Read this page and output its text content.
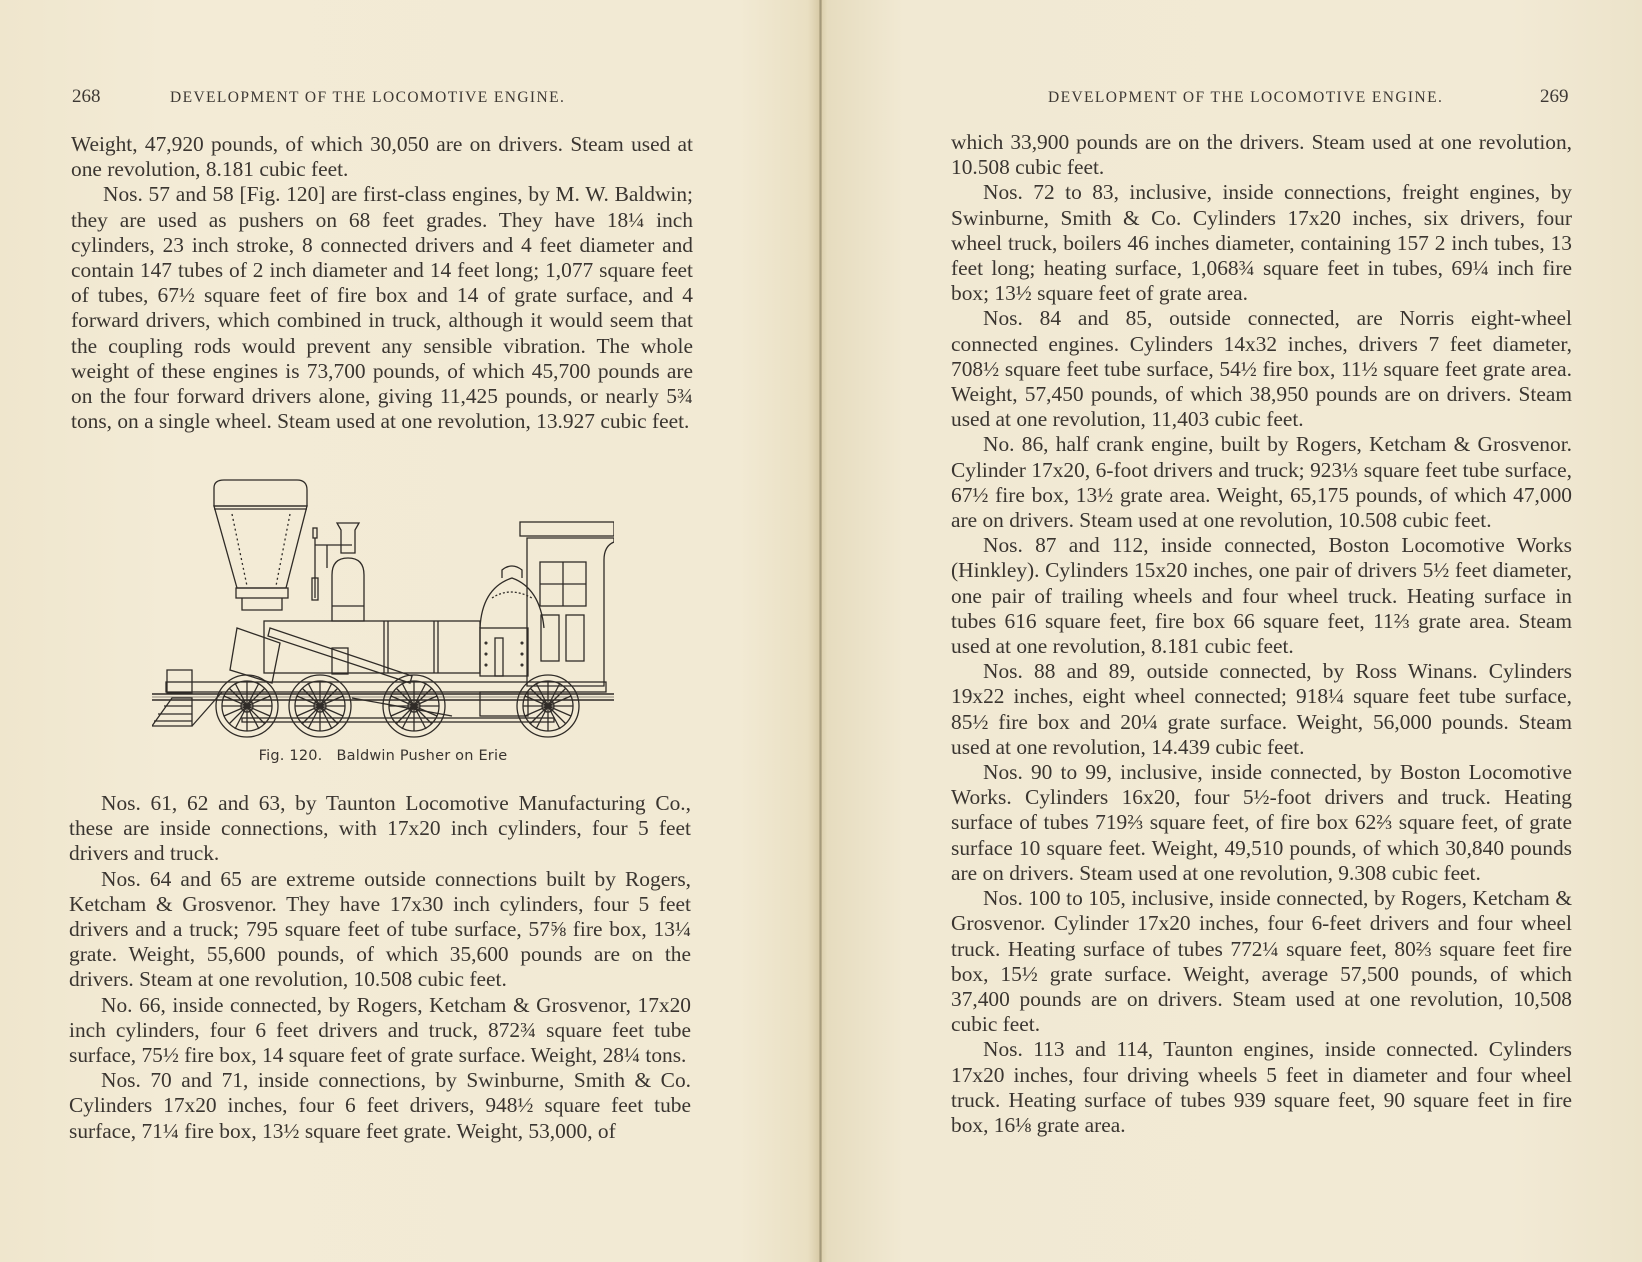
268	DEVELOPMENT OF THE LOCOMOTIVE ENGINE.

Weight, 47,920 pounds, of which 30,050 are on drivers. Steam used at one revolution, 8.181 cubic feet.

Nos. 57 and 58 [Fig. 120] are first-class engines, by M. W. Baldwin; they are used as pushers on 68 feet grades. They have 18¼ inch cylinders, 23 inch stroke, 8 connected drivers and 4 feet diameter and contain 147 tubes of 2 inch diameter and 14 feet long; 1,077 square feet of tubes, 67½ square feet of fire box and 14 of grate surface, and 4 forward drivers, which combined in truck, although it would seem that the coupling rods would prevent any sensible vibration. The whole weight of these engines is 73,700 pounds, of which 45,700 pounds are on the four forward drivers alone, giving 11,425 pounds, or nearly 5¾ tons, on a single wheel. Steam used at one revolution, 13.927 cubic feet.

Fig. 120. Baldwin Pusher on Erie

Nos. 61, 62 and 63, by Taunton Locomotive Manufacturing Co., these are inside connections, with 17x20 inch cylinders, four 5 feet drivers and truck.

Nos. 64 and 65 are extreme outside connections built by Rogers, Ketcham & Grosvenor. They have 17x30 inch cylinders, four 5 feet drivers and a truck; 795 square feet of tube surface, 57⅝ fire box, 13¼ grate. Weight, 55,600 pounds, of which 35,600 pounds are on the drivers. Steam at one revolution, 10.508 cubic feet.

No. 66, inside connected, by Rogers, Ketcham & Grosvenor, 17x20 inch cylinders, four 6 feet drivers and truck, 872¾ square feet tube surface, 75½ fire box, 14 square feet of grate surface. Weight, 28¼ tons.

Nos. 70 and 71, inside connections, by Swinburne, Smith & Co. Cylinders 17x20 inches, four 6 feet drivers, 948½ square feet tube surface, 71¼ fire box, 13½ square feet grate. Weight, 53,000, of

DEVELOPMENT OF THE LOCOMOTIVE ENGINE.	269

which 33,900 pounds are on the drivers. Steam used at one revolution, 10.508 cubic feet.

Nos. 72 to 83, inclusive, inside connections, freight engines, by Swinburne, Smith & Co. Cylinders 17x20 inches, six drivers, four wheel truck, boilers 46 inches diameter, containing 157 2 inch tubes, 13 feet long; heating surface, 1,068¾ square feet in tubes, 69¼ inch fire box; 13½ square feet of grate area.

Nos. 84 and 85, outside connected, are Norris eight-wheel connected engines. Cylinders 14x32 inches, drivers 7 feet diameter, 708½ square feet tube surface, 54½ fire box, 11½ square feet grate area. Weight, 57,450 pounds, of which 38,950 pounds are on drivers. Steam used at one revolution, 11,403 cubic feet.

No. 86, half crank engine, built by Rogers, Ketcham & Grosvenor. Cylinder 17x20, 6-foot drivers and truck; 923⅓ square feet tube surface, 67½ fire box, 13½ grate area. Weight, 65,175 pounds, of which 47,000 are on drivers. Steam used at one revolution, 10.508 cubic feet.

Nos. 87 and 112, inside connected, Boston Locomotive Works (Hinkley). Cylinders 15x20 inches, one pair of drivers 5½ feet diameter, one pair of trailing wheels and four wheel truck. Heating surface in tubes 616 square feet, fire box 66 square feet, 11⅔ grate area. Steam used at one revolution, 8.181 cubic feet.

Nos. 88 and 89, outside connected, by Ross Winans. Cylinders 19x22 inches, eight wheel connected; 918¼ square feet tube surface, 85½ fire box and 20¼ grate surface. Weight, 56,000 pounds. Steam used at one revolution, 14.439 cubic feet.

Nos. 90 to 99, inclusive, inside connected, by Boston Locomotive Works. Cylinders 16x20, four 5½-foot drivers and truck. Heating surface of tubes 719⅔ square feet, of fire box 62⅔ square feet, of grate surface 10 square feet. Weight, 49,510 pounds, of which 30,840 pounds are on drivers. Steam used at one revolution, 9.308 cubic feet.

Nos. 100 to 105, inclusive, inside connected, by Rogers, Ketcham & Grosvenor. Cylinder 17x20 inches, four 6-feet drivers and four wheel truck. Heating surface of tubes 772¼ square feet, 80⅔ square feet fire box, 15½ grate surface. Weight, average 57,500 pounds, of which 37,400 pounds are on drivers. Steam used at one revolution, 10,508 cubic feet.

Nos. 113 and 114, Taunton engines, inside connected. Cylinders 17x20 inches, four driving wheels 5 feet in diameter and four wheel truck. Heating surface of tubes 939 square feet, 90 square feet in fire box, 16⅛ grate area.
